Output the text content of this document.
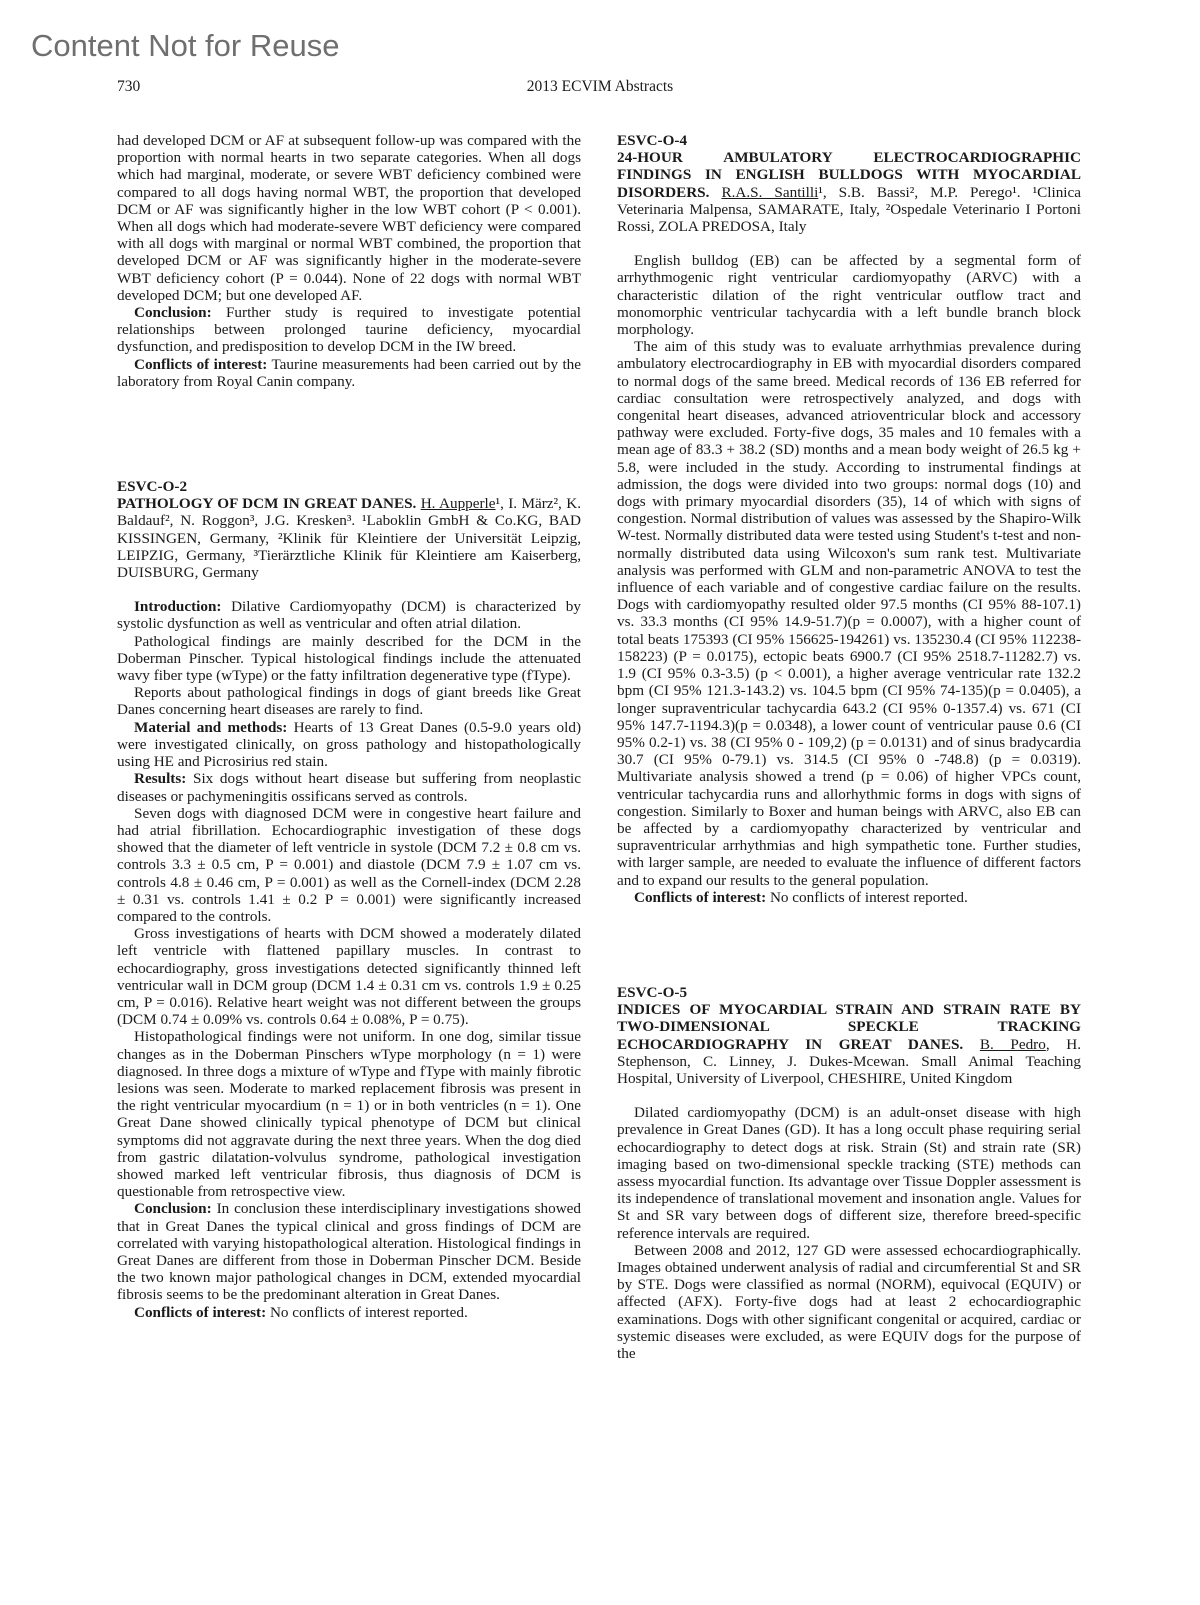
Content Not for Reuse
730	2013 ECVIM Abstracts

had developed DCM or AF at subsequent follow-up was compared with the proportion with normal hearts in two separate categories. When all dogs which had marginal, moderate, or severe WBT deficiency combined were compared to all dogs having normal WBT, the proportion that developed DCM or AF was significantly higher in the low WBT cohort (P < 0.001). When all dogs which had moderate-severe WBT deficiency were compared with all dogs with marginal or normal WBT combined, the proportion that developed DCM or AF was significantly higher in the moderate-severe WBT deficiency cohort (P = 0.044). None of 22 dogs with normal WBT developed DCM; but one developed AF.

Conclusion: Further study is required to investigate potential relationships between prolonged taurine deficiency, myocardial dysfunction, and predisposition to develop DCM in the IW breed.

Conflicts of interest: Taurine measurements had been carried out by the laboratory from Royal Canin company.

ESVC-O-2

PATHOLOGY OF DCM IN GREAT DANES. H. Aupperle¹, I. März², K. Baldauf², N. Roggon³, J.G. Kresken³. ¹Laboklin GmbH & Co.KG, BAD KISSINGEN, Germany, ²Klinik für Kleintiere der Universität Leipzig, LEIPZIG, Germany, ³Tierärztliche Klinik für Kleintiere am Kaiserberg, DUISBURG, Germany

Introduction: Dilative Cardiomyopathy (DCM) is characterized by systolic dysfunction as well as ventricular and often atrial dilation.

Pathological findings are mainly described for the DCM in the Doberman Pinscher. Typical histological findings include the attenuated wavy fiber type (wType) or the fatty infiltration degenerative type (fType).

Reports about pathological findings in dogs of giant breeds like Great Danes concerning heart diseases are rarely to find.

Material and methods: Hearts of 13 Great Danes (0.5-9.0 years old) were investigated clinically, on gross pathology and histopathologically using HE and Picrosirius red stain.

Results: Six dogs without heart disease but suffering from neoplastic diseases or pachymeningitis ossificans served as controls.

Seven dogs with diagnosed DCM were in congestive heart failure and had atrial fibrillation. Echocardiographic investigation of these dogs showed that the diameter of left ventricle in systole (DCM 7.2 ± 0.8 cm vs. controls 3.3 ± 0.5 cm, P = 0.001) and diastole (DCM 7.9 ± 1.07 cm vs. controls 4.8 ± 0.46 cm, P = 0.001) as well as the Cornell-index (DCM 2.28 ± 0.31 vs. controls 1.41 ± 0.2 P = 0.001) were significantly increased compared to the controls.

Gross investigations of hearts with DCM showed a moderately dilated left ventricle with flattened papillary muscles. In contrast to echocardiography, gross investigations detected significantly thinned left ventricular wall in DCM group (DCM 1.4 ± 0.31 cm vs. controls 1.9 ± 0.25 cm, P = 0.016). Relative heart weight was not different between the groups (DCM 0.74 ± 0.09% vs. controls 0.64 ± 0.08%, P = 0.75).

Histopathological findings were not uniform. In one dog, similar tissue changes as in the Doberman Pinschers wType morphology (n = 1) were diagnosed. In three dogs a mixture of wType and fType with mainly fibrotic lesions was seen. Moderate to marked replacement fibrosis was present in the right ventricular myocardium (n = 1) or in both ventricles (n = 1). One Great Dane showed clinically typical phenotype of DCM but clinical symptoms did not aggravate during the next three years. When the dog died from gastric dilatation-volvulus syndrome, pathological investigation showed marked left ventricular fibrosis, thus diagnosis of DCM is questionable from retrospective view.

Conclusion: In conclusion these interdisciplinary investigations showed that in Great Danes the typical clinical and gross findings of DCM are correlated with varying histopathological alteration. Histological findings in Great Danes are different from those in Doberman Pinscher DCM. Beside the two known major pathological changes in DCM, extended myocardial fibrosis seems to be the predominant alteration in Great Danes.

Conflicts of interest: No conflicts of interest reported.

ESVC-O-4

24-HOUR AMBULATORY ELECTROCARDIOGRAPHIC FINDINGS IN ENGLISH BULLDOGS WITH MYOCARDIAL DISORDERS. R.A.S. Santilli¹, S.B. Bassi², M.P. Perego¹. ¹Clinica Veterinaria Malpensa, SAMARATE, Italy, ²Ospedale Veterinario I Portoni Rossi, ZOLA PREDOSA, Italy

English bulldog (EB) can be affected by a segmental form of arrhythmogenic right ventricular cardiomyopathy (ARVC) with a characteristic dilation of the right ventricular outflow tract and monomorphic ventricular tachycardia with a left bundle branch block morphology.

The aim of this study was to evaluate arrhythmias prevalence during ambulatory electrocardiography in EB with myocardial disorders compared to normal dogs of the same breed. Medical records of 136 EB referred for cardiac consultation were retrospectively analyzed, and dogs with congenital heart diseases, advanced atrioventricular block and accessory pathway were excluded. Forty-five dogs, 35 males and 10 females with a mean age of 83.3 + 38.2 (SD) months and a mean body weight of 26.5 kg + 5.8, were included in the study. According to instrumental findings at admission, the dogs were divided into two groups: normal dogs (10) and dogs with primary myocardial disorders (35), 14 of which with signs of congestion. Normal distribution of values was assessed by the Shapiro-Wilk W-test. Normally distributed data were tested using Student's t-test and non-normally distributed data using Wilcoxon's sum rank test. Multivariate analysis was performed with GLM and non-parametric ANOVA to test the influence of each variable and of congestive cardiac failure on the results. Dogs with cardiomyopathy resulted older 97.5 months (CI 95% 88-107.1) vs. 33.3 months (CI 95% 14.9-51.7)(p = 0.0007), with a higher count of total beats 175393 (CI 95% 156625-194261) vs. 135230.4 (CI 95% 112238-158223) (P = 0.0175), ectopic beats 6900.7 (CI 95% 2518.7-11282.7) vs. 1.9 (CI 95% 0.3-3.5) (p < 0.001), a higher average ventricular rate 132.2 bpm (CI 95% 121.3-143.2) vs. 104.5 bpm (CI 95% 74-135)(p = 0.0405), a longer supraventricular tachycardia 643.2 (CI 95% 0-1357.4) vs. 671 (CI 95% 147.7-1194.3)(p = 0.0348), a lower count of ventricular pause 0.6 (CI 95% 0.2-1) vs. 38 (CI 95% 0 - 109,2) (p = 0.0131) and of sinus bradycardia 30.7 (CI 95% 0-79.1) vs. 314.5 (CI 95% 0 -748.8) (p = 0.0319). Multivariate analysis showed a trend (p = 0.06) of higher VPCs count, ventricular tachycardia runs and allorhythmic forms in dogs with signs of congestion. Similarly to Boxer and human beings with ARVC, also EB can be affected by a cardiomyopathy characterized by ventricular and supraventricular arrhythmias and high sympathetic tone. Further studies, with larger sample, are needed to evaluate the influence of different factors and to expand our results to the general population.

Conflicts of interest: No conflicts of interest reported.

ESVC-O-5

INDICES OF MYOCARDIAL STRAIN AND STRAIN RATE BY TWO-DIMENSIONAL SPECKLE TRACKING ECHOCARDIOGRAPHY IN GREAT DANES. B. Pedro, H. Stephenson, C. Linney, J. Dukes-Mcewan. Small Animal Teaching Hospital, University of Liverpool, CHESHIRE, United Kingdom

Dilated cardiomyopathy (DCM) is an adult-onset disease with high prevalence in Great Danes (GD). It has a long occult phase requiring serial echocardiography to detect dogs at risk. Strain (St) and strain rate (SR) imaging based on two-dimensional speckle tracking (STE) methods can assess myocardial function. Its advantage over Tissue Doppler assessment is its independence of translational movement and insonation angle. Values for St and SR vary between dogs of different size, therefore breed-specific reference intervals are required.

Between 2008 and 2012, 127 GD were assessed echocardiographically. Images obtained underwent analysis of radial and circumferential St and SR by STE. Dogs were classified as normal (NORM), equivocal (EQUIV) or affected (AFX). Forty-five dogs had at least 2 echocardiographic examinations. Dogs with other significant congenital or acquired, cardiac or systemic diseases were excluded, as were EQUIV dogs for the purpose of the
